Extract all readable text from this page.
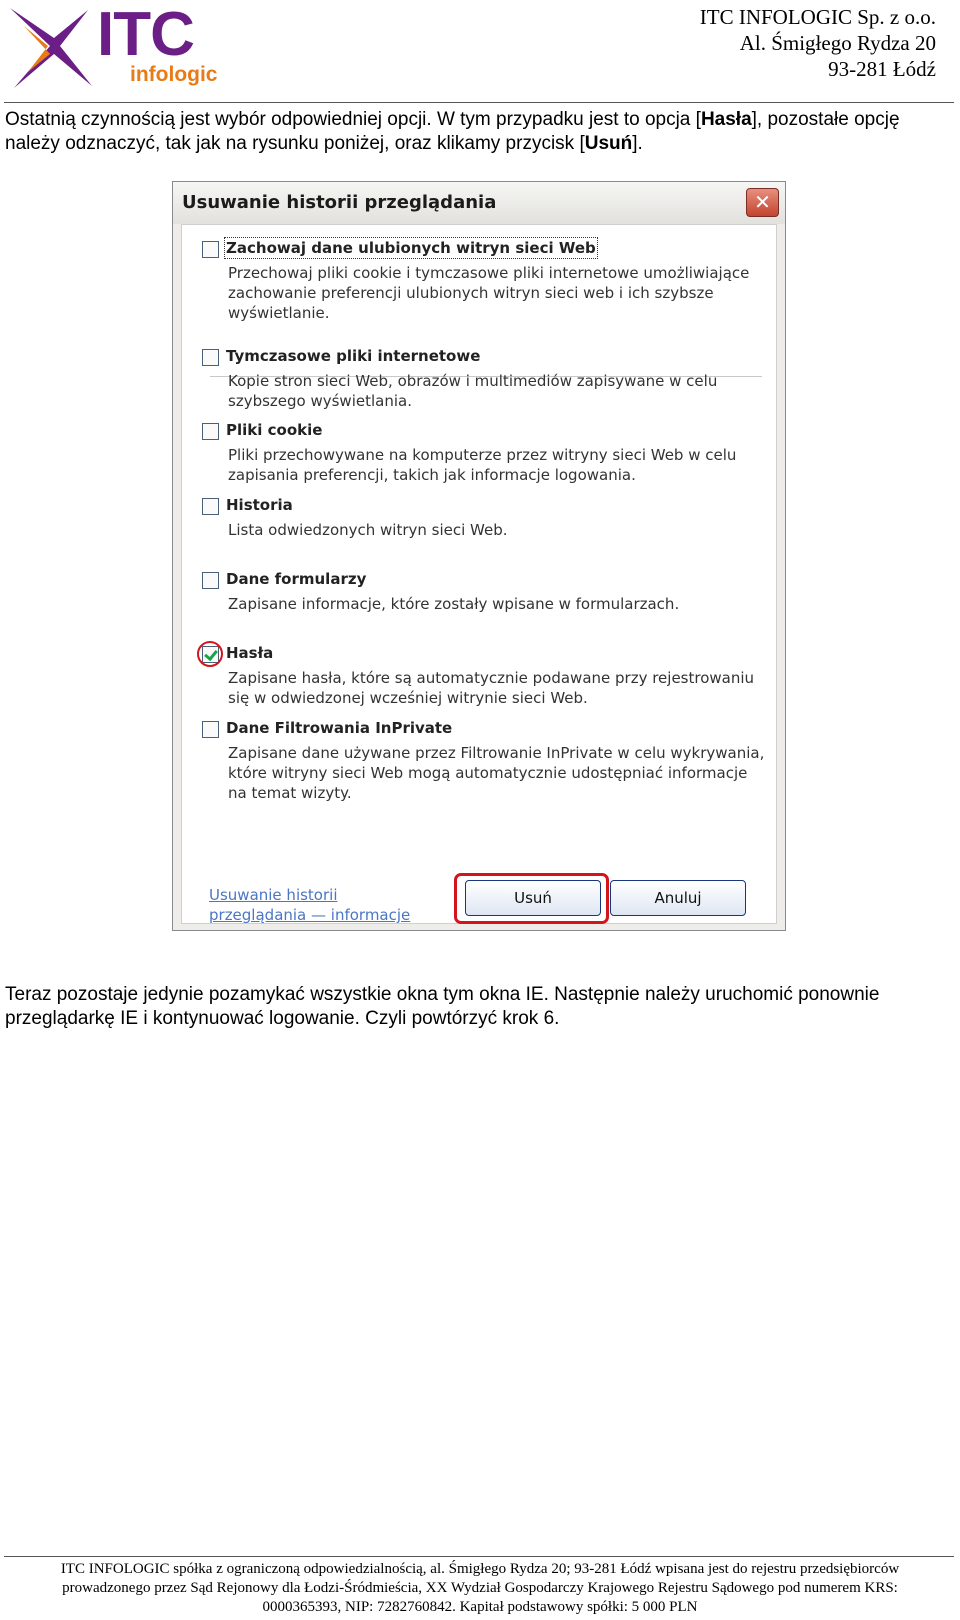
ITC
infologic
ITC INFOLOGIC Sp. z o.o.
Al. Śmigłego Rydza 20
93-281 Łódź
Ostatnią czynnością jest wybór odpowiedniej opcji. W tym przypadku jest to opcja [Hasła], pozostałe opcję należy odznaczyć, tak jak na rysunku poniżej, oraz klikamy przycisk [Usuń].
Usuwanie historii przeglądania	✕
Zachowaj dane ulubionych witryn sieci Web
Przechowaj pliki cookie i tymczasowe pliki internetowe umożliwiające zachowanie preferencji ulubionych witryn sieci web i ich szybsze wyświetlanie.
Tymczasowe pliki internetowe
Kopie stron sieci Web, obrazów i multimediów zapisywane w celu szybszego wyświetlania.
Pliki cookie
Pliki przechowywane na komputerze przez witryny sieci Web w celu zapisania preferencji, takich jak informacje logowania.
Historia
Lista odwiedzonych witryn sieci Web.
Dane formularzy
Zapisane informacje, które zostały wpisane w formularzach.
Hasła
Zapisane hasła, które są automatycznie podawane przy rejestrowaniu się w odwiedzonej wcześniej witrynie sieci Web.
Dane Filtrowania InPrivate
Zapisane dane używane przez Filtrowanie InPrivate w celu wykrywania, które witryny sieci Web mogą automatycznie udostępniać informacje na temat wizyty.
Usuwanie historii przeglądania — informacje
Usuń	Anuluj
Teraz pozostaje jedynie pozamykać wszystkie okna tym okna IE. Następnie należy uruchomić ponownie przeglądarkę IE i kontynuować logowanie. Czyli powtórzyć krok 6.
ITC INFOLOGIC spółka z ograniczoną odpowiedzialnością, al. Śmigłego Rydza 20; 93-281 Łódź wpisana jest do rejestru przedsiębiorców
prowadzonego przez Sąd Rejonowy dla Łodzi-Śródmieścia, XX Wydział Gospodarczy Krajowego Rejestru Sądowego pod numerem KRS:
0000365393, NIP: 7282760842. Kapitał podstawowy spółki: 5 000 PLN
